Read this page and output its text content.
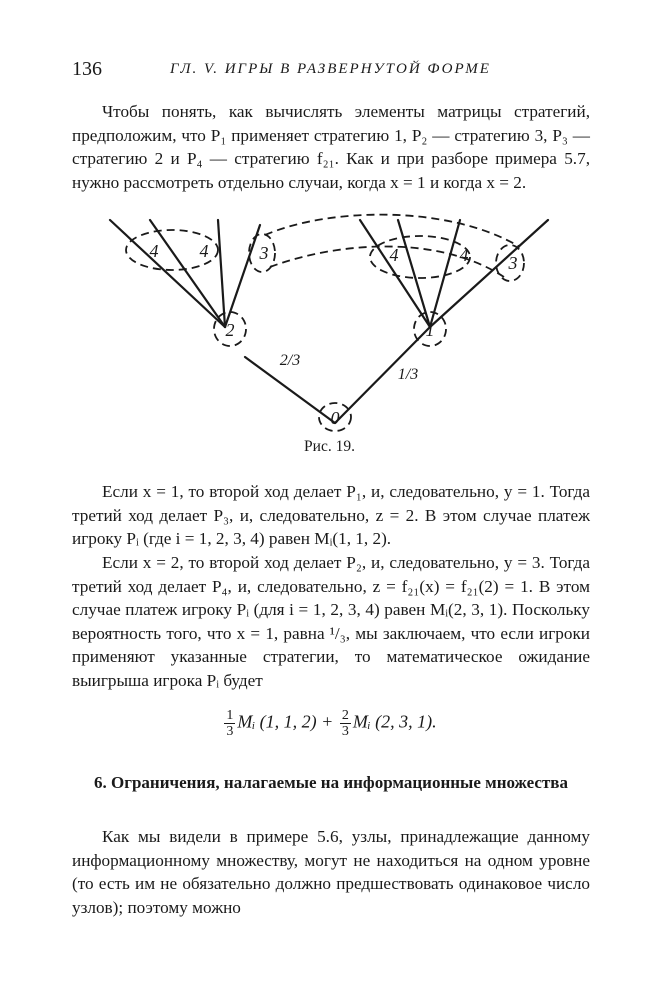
136	ГЛ. V. ИГРЫ В РАЗВЕРНУТОЙ ФОРМЕ

Чтобы понять, как вычислять элементы матрицы стратегий, предположим, что P₁ применяет стратегию 1, P₂ — стратегию 3, P₃ — стратегию 2 и P₄ — стратегию f₂₁. Как и при разборе примера 5.7, нужно рассмотреть отдельно случаи, когда x = 1 и когда x = 2.

0
2	1
4 4	3	4	4 3
2/3
1/3
Рис. 19.

Если x = 1, то второй ход делает P₁, и, следовательно, y = 1. Тогда третий ход делает P₃, и, следовательно, z = 2. В этом случае платеж игроку Pᵢ (где i = 1, 2, 3, 4) равен Mᵢ(1, 1, 2).

Если x = 2, то второй ход делает P₂, и, следовательно, y = 3. Тогда третий ход делает P₄, и, следовательно, z = f₂₁(x) = f₂₁(2) = 1. В этом случае платеж игроку Pᵢ (для i = 1, 2, 3, 4) равен Mᵢ(2, 3, 1). Поскольку вероятность того, что x = 1, равна ¹/₃, мы заключаем, что если игроки применяют указанные стратегии, то математическое ожидание выигрыша игрока Pᵢ будет

$\frac{1}{3}$ Mᵢ (1, 1, $2) + \frac{2}{3}$ Mᵢ (2, 3, 1).
6. Ограничения, налагаемые на информационные множества

Как мы видели в примере 5.6, узлы, принадлежащие данному информационному множеству, могут не находиться на одном уровне (то есть им не обязательно должно предшествовать одинаковое число узлов); поэтому можно
